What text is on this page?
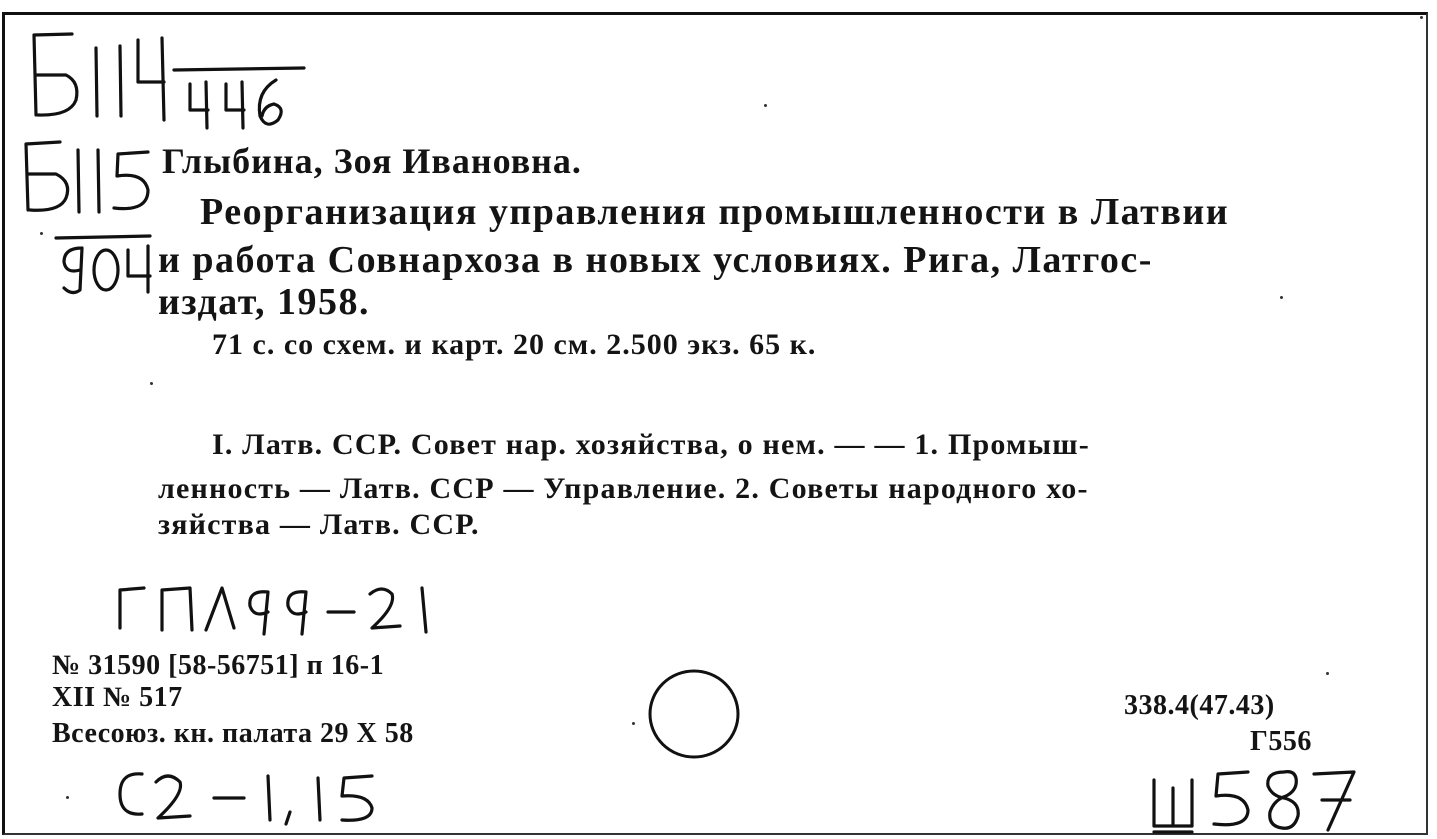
Глыбина, Зоя Ивановна.
Реорганизация управления промышленности в Латвии
и работа Совнархоза в новых условиях. Рига, Латгос-
издат, 1958.
71 с. со схем. и карт. 20 см. 2.500 экз. 65 к.
I. Латв. ССР. Совет нар. хозяйства, о нем. — — 1. Промыш-
ленность — Латв. ССР — Управление. 2. Советы народного хо-
зяйства — Латв. ССР.
№ 31590 [58-56751] п 16-1
XII № 517
Всесоюз. кн. палата 29 X 58
338.4(47.43)
Г556
